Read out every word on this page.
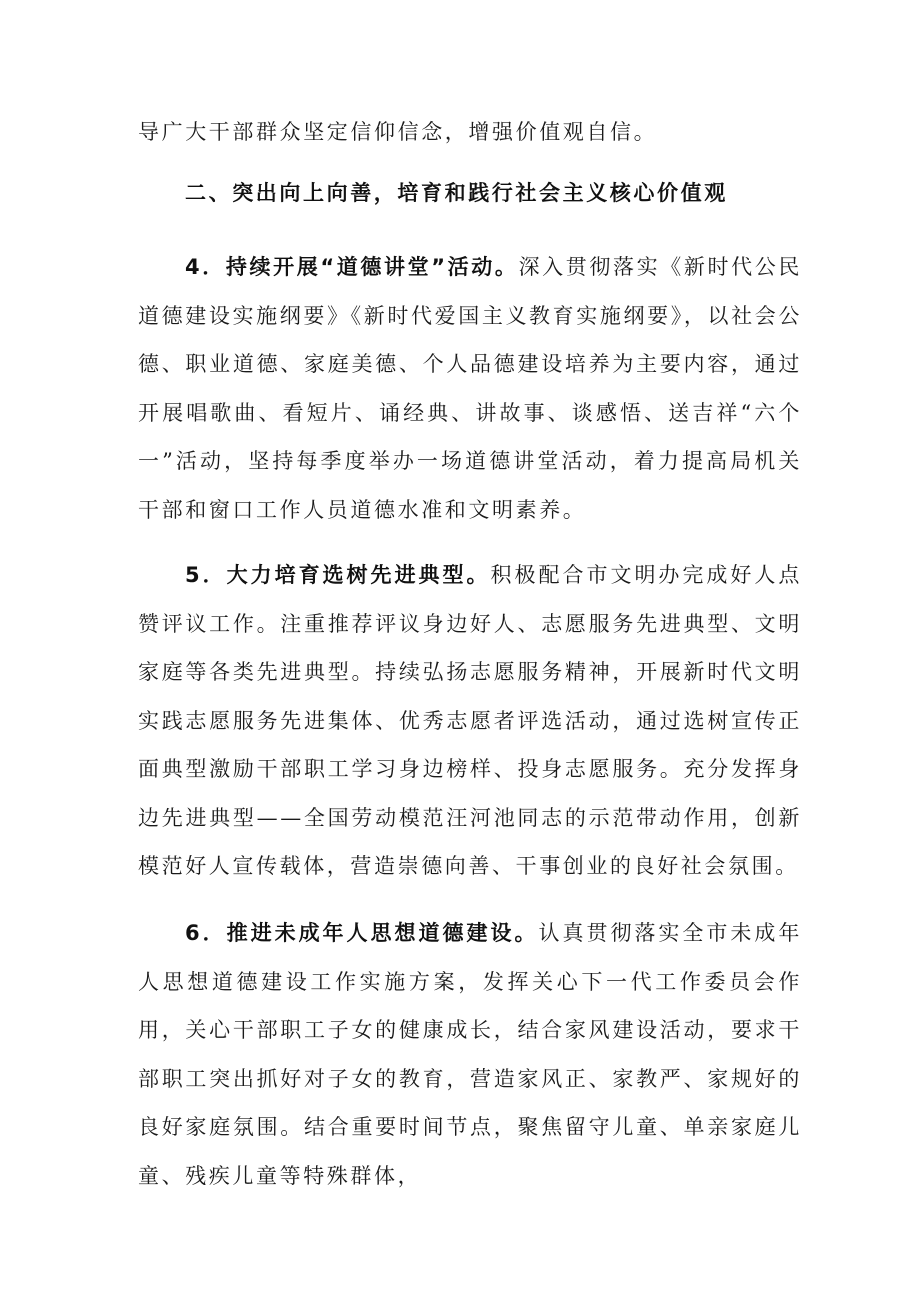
导广大干部群众坚定信仰信念，增强价值观自信。
二、突出向上向善，培育和践行社会主义核心价值观

4．持续开展“道德讲堂”活动。深入贯彻落实《新时代公民道德建设实施纲要》《新时代爱国主义教育实施纲要》，以社会公德、职业道德、家庭美德、个人品德建设培养为主要内容，通过开展唱歌曲、看短片、诵经典、讲故事、谈感悟、送吉祥“六个一”活动，坚持每季度举办一场道德讲堂活动，着力提高局机关干部和窗口工作人员道德水准和文明素养。

5．大力培育选树先进典型。积极配合市文明办完成好人点赞评议工作。注重推荐评议身边好人、志愿服务先进典型、文明家庭等各类先进典型。持续弘扬志愿服务精神，开展新时代文明实践志愿服务先进集体、优秀志愿者评选活动，通过选树宣传正面典型激励干部职工学习身边榜样、投身志愿服务。充分发挥身边先进典型——全国劳动模范汪河池同志的示范带动作用，创新模范好人宣传载体，营造崇德向善、干事创业的良好社会氛围。

6．推进未成年人思想道德建设。认真贯彻落实全市未成年人思想道德建设工作实施方案，发挥关心下一代工作委员会作用，关心干部职工子女的健康成长，结合家风建设活动，要求干部职工突出抓好对子女的教育，营造家风正、家教严、家规好的良好家庭氛围。结合重要时间节点，聚焦留守儿童、单亲家庭儿童、残疾儿童等特殊群体，
